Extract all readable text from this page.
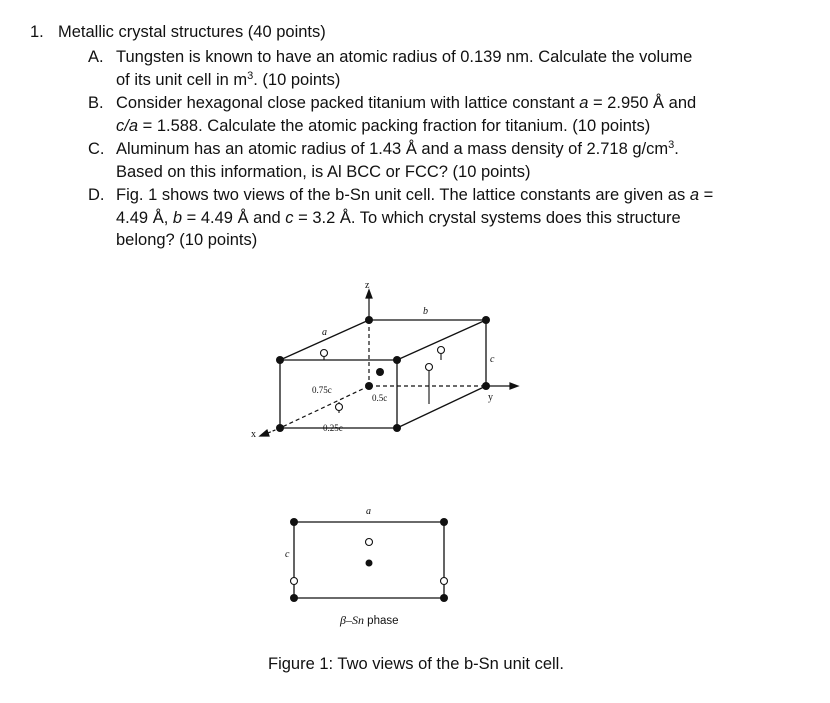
1. Metallic crystal structures (40 points)
A. Tungsten is known to have an atomic radius of 0.139 nm. Calculate the volume
of its unit cell in $m^3$. (10 points)
B. Consider hexagonal close packed titanium with lattice constant a = 2.950 Å and
c/a = 1.588. Calculate the atomic packing fraction for titanium. (10 points)
C. Aluminum has an atomic radius of 1.43 Å and a mass density of 2.718 $g/cm^3$.
Based on this information, is Al BCC or FCC? (10 points)
D. Fig. 1 shows two views of the b-Sn unit cell. The lattice constants are given as a =
4.49 Å, b = 4.49 Å and c = 3.2 Å. To which crystal systems does this structure
belong? (10 points)
z
y
x
a
b
c
0.75c
0.5c
0.25c
a
c
β–Sn phase
Figure 1: Two views of the b-Sn unit cell.
